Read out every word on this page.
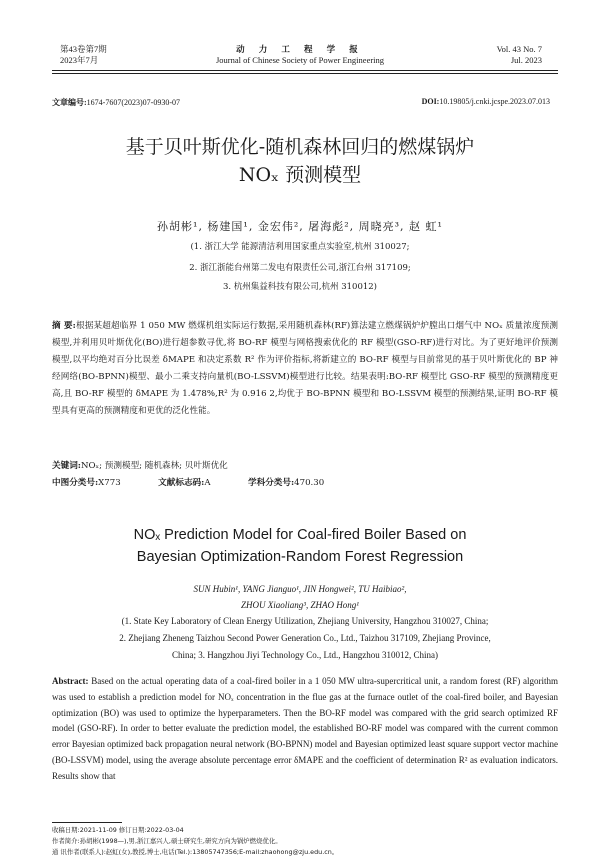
第43卷第7期
2023年7月
动 力 工 程 学 报
Journal of Chinese Society of Power Engineering
Vol. 43 No. 7
Jul. 2023
文章编号:1674-7607(2023)07-0930-07	DOI:10.19805/j.cnki.jcspe.2023.07.013
基于贝叶斯优化-随机森林回归的燃煤锅炉
NOₓ 预测模型
孙胡彬¹, 杨建国¹, 金宏伟², 屠海彪², 周晓亮³, 赵 虹¹
(1. 浙江大学 能源清洁利用国家重点实验室,杭州 310027;
2. 浙江浙能台州第二发电有限责任公司,浙江台州 317109;
3. 杭州集益科技有限公司,杭州 310012)
摘 要:根据某超超临界 1 050 MW 燃煤机组实际运行数据,采用随机森林(RF)算法建立燃煤锅炉炉膛出口烟气中 NOₓ 质量浓度预测模型,并利用贝叶斯优化(BO)进行超参数寻优,将 BO-RF 模型与网格搜索优化的 RF 模型(GSO-RF)进行对比。为了更好地评价预测模型,以平均绝对百分比误差 δMAPE 和决定系数 R² 作为评价指标,将新建立的 BO-RF 模型与目前常见的基于贝叶斯优化的 BP 神经网络(BO-BPNN)模型、最小二乘支持向量机(BO-LSSVM)模型进行比较。结果表明:BO-RF 模型比 GSO-RF 模型的预测精度更高,且 BO-RF 模型的 δMAPE 为 1.478%,R² 为 0.916 2,均优于 BO-BPNN 模型和 BO-LSSVM 模型的预测结果,证明 BO-RF 模型具有更高的预测精度和更优的泛化性能。
关键词:NOₓ; 预测模型; 随机森林; 贝叶斯优化
中图分类号:X773	文献标志码:A	学科分类号:470.30
NOₓ Prediction Model for Coal-fired Boiler Based on
Bayesian Optimization-Random Forest Regression
SUN Hubin¹, YANG Jianguo¹, JIN Hongwei², TU Haibiao²,
ZHOU Xiaoliang³, ZHAO Hong¹
(1. State Key Laboratory of Clean Energy Utilization, Zhejiang University, Hangzhou 310027, China;
2. Zhejiang Zheneng Taizhou Second Power Generation Co., Ltd., Taizhou 317109, Zhejiang Province,
China; 3. Hangzhou Jiyi Technology Co., Ltd., Hangzhou 310012, China)
Abstract: Based on the actual operating data of a coal-fired boiler in a 1 050 MW ultra-supercritical unit, a random forest (RF) algorithm was used to establish a prediction model for NOₓ concentration in the flue gas at the furnace outlet of the coal-fired boiler, and Bayesian optimization (BO) was used to optimize the hyperparameters. Then the BO-RF model was compared with the grid search optimized RF model (GSO-RF). In order to better evaluate the prediction model, the established BO-RF model was compared with the current common error Bayesian optimized back propagation neural network (BO-BPNN) model and Bayesian optimized least square support vector machine (BO-LSSVM) model, using the average absolute percentage error δMAPE and the coefficient of determination R² as evaluation indicators. Results show that
收稿日期:2021-11-09 修订日期:2022-03-04
作者简介:孙胡彬(1998—),男,浙江嘉兴人,硕士研究生,研究方向为锅炉燃烧优化。
通 讯作者(联系人):赵虹(女),教授,博士,电话(Tel.):13805747356;E-mail:zhaohong@zju.edu.cn。
